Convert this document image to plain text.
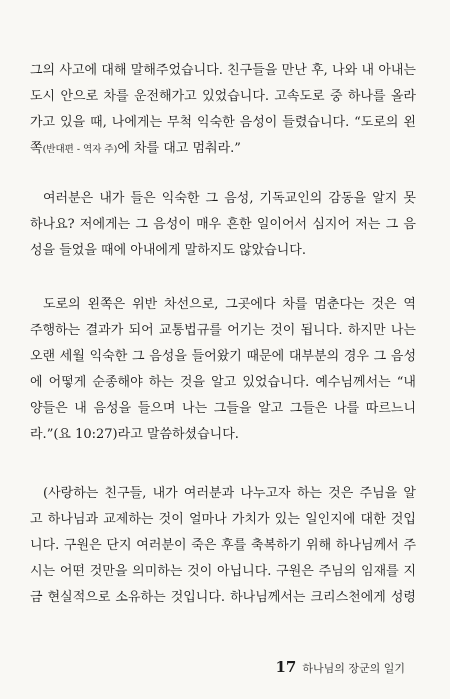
그의 사고에 대해 말해주었습니다. 친구들을 만난 후, 나와 내 아내는
도시 안으로 차를 운전해가고 있었습니다. 고속도로 중 하나를 올라
가고 있을 때, 나에게는 무척 익숙한 음성이 들렸습니다. “도로의 왼
쪽(반대편 - 역자 주)에 차를 대고 멈춰라.”
여러분은 내가 들은 익숙한 그 음성, 기독교인의 감동을 알지 못
하나요? 저에게는 그 음성이 매우 흔한 일이어서 심지어 저는 그 음
성을 들었을 때에 아내에게 말하지도 않았습니다.
도로의 왼쪽은 위반 차선으로, 그곳에다 차를 멈춘다는 것은 역
주행하는 결과가 되어 교통법규를 어기는 것이 됩니다. 하지만 나는
오랜 세월 익숙한 그 음성을 들어왔기 때문에 대부분의 경우 그 음성
에 어떻게 순종해야 하는 것을 알고 있었습니다. 예수님께서는 “내
양들은 내 음성을 들으며 나는 그들을 알고 그들은 나를 따르느니
라.”(요 10:27)라고 말씀하셨습니다.
(사랑하는 친구들, 내가 여러분과 나누고자 하는 것은 주님을 알
고 하나님과 교제하는 것이 얼마나 가치가 있는 일인지에 대한 것입
니다. 구원은 단지 여러분이 죽은 후를 축복하기 위해 하나님께서 주
시는 어떤 것만을 의미하는 것이 아닙니다. 구원은 주님의 임재를 지
금 현실적으로 소유하는 것입니다. 하나님께서는 크리스천에게 성령
17 하나님의 장군의 일기
